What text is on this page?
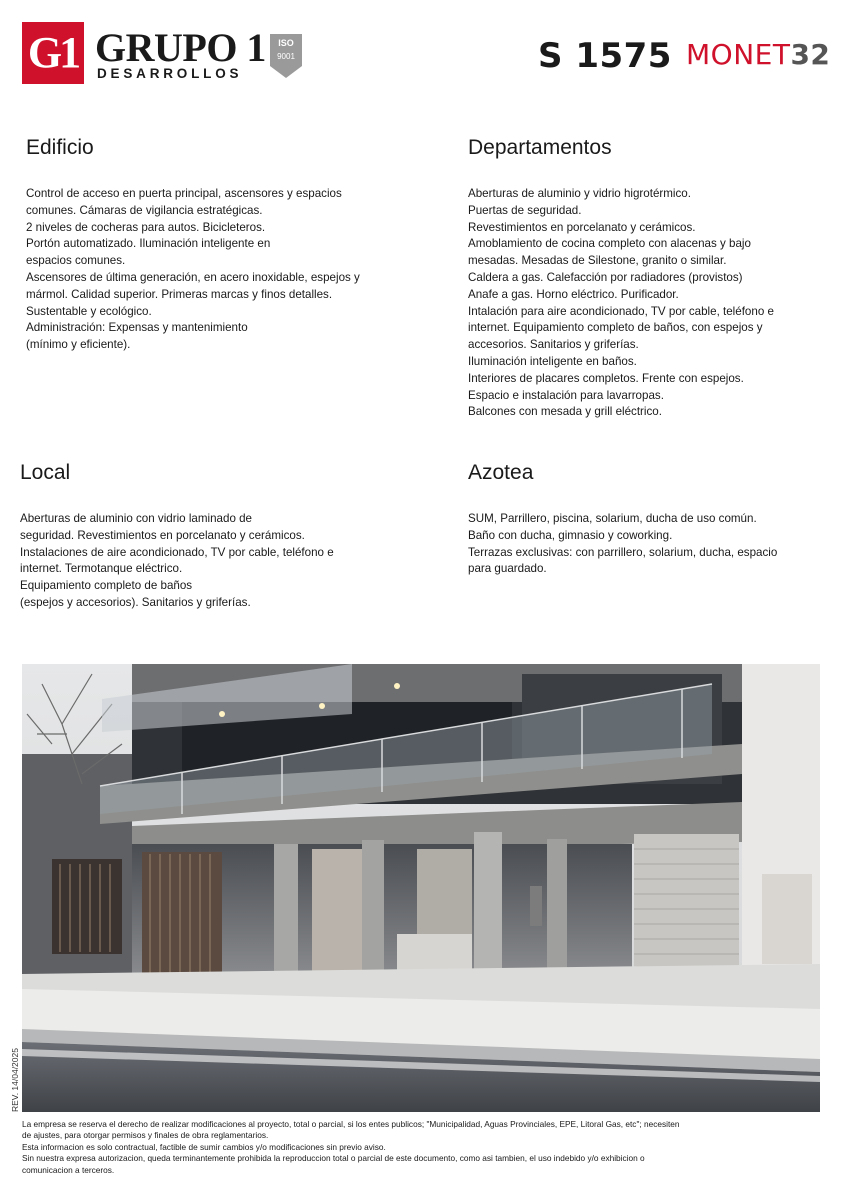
G1 GRUPO 1
DESARROLLOS
ISO
9001	S 1575 MONET32
Edificio
Control de acceso en puerta principal, ascensores y espacios
comunes. Cámaras de vigilancia estratégicas.
2 niveles de cocheras para autos. Bicicleteros.
Portón automatizado. Iluminación inteligente en
espacios comunes.
Ascensores de última generación, en acero inoxidable, espejos y
mármol. Calidad superior. Primeras marcas y finos detalles.
Sustentable y ecológico.
Administración: Expensas y mantenimiento
(mínimo y eficiente).
Departamentos
Aberturas de aluminio y vidrio higrotérmico.
Puertas de seguridad.
Revestimientos en porcelanato y cerámicos.
Amoblamiento de cocina completo con alacenas y bajo
mesadas. Mesadas de Silestone, granito o similar.
Caldera a gas. Calefacción por radiadores (provistos)
Anafe a gas. Horno eléctrico. Purificador.
Intalación para aire acondicionado, TV por cable, teléfono e
internet. Equipamiento completo de baños, con espejos y
accesorios. Sanitarios y griferías.
Iluminación inteligente en baños.
Interiores de placares completos. Frente con espejos.
Espacio e instalación para lavarropas.
Balcones con mesada y grill eléctrico.
Local
Aberturas de aluminio con vidrio laminado de
seguridad. Revestimientos en porcelanato y cerámicos.
Instalaciones de aire acondicionado, TV por cable, teléfono e
internet. Termotanque eléctrico.
Equipamiento completo de baños
(espejos y accesorios). Sanitarios y griferías.
Azotea
SUM, Parrillero, piscina, solarium, ducha de uso común.
Baño con ducha, gimnasio y coworking.
Terrazas exclusivas: con parrillero, solarium, ducha, espacio
para guardado.
REV. 14/04/2025
La empresa se reserva el derecho de realizar modificaciones al proyecto, total o parcial, si los entes publicos; "Municipalidad, Aguas Provinciales, EPE, Litoral Gas, etc"; necesiten
de ajustes, para otorgar permisos y finales de obra reglamentarios.
Esta informacion es solo contractual, factible de sumir cambios y/o modificaciones sin previo aviso.
Sin nuestra expresa autorizacion, queda terminantemente prohibida la reproduccion total o parcial de este documento, como asi tambien, el uso indebido y/o exhibicion o
comunicacion a terceros.
